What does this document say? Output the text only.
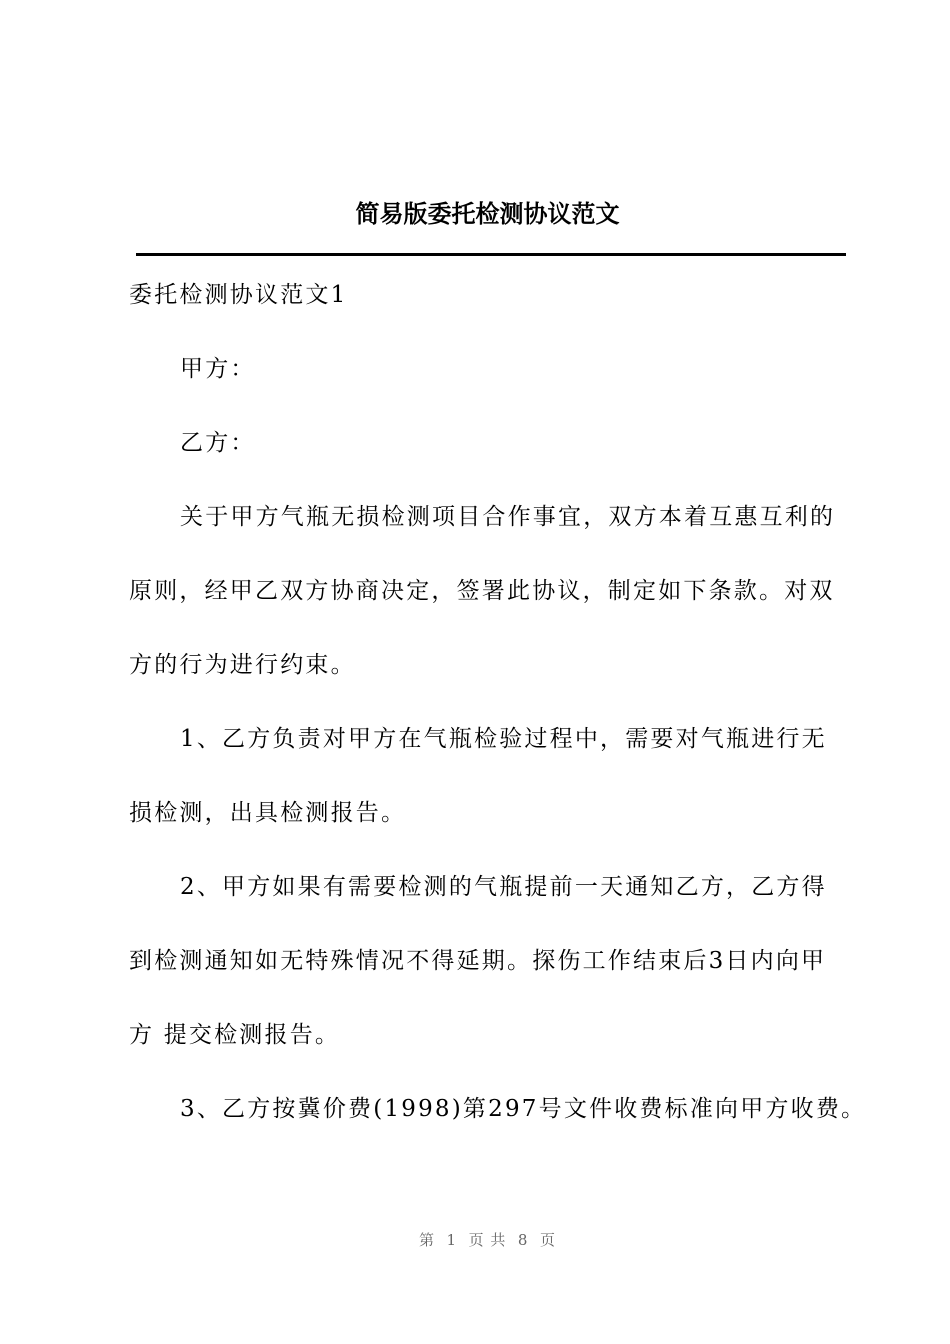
简易版委托检测协议范文
委托检测协议范文1
甲方：
乙方：
关于甲方气瓶无损检测项目合作事宜，双方本着互惠互利的
原则，经甲乙双方协商决定，签署此协议，制定如下条款。对双
方的行为进行约束。
1、乙方负责对甲方在气瓶检验过程中，需要对气瓶进行无
损检测，出具检测报告。
2、甲方如果有需要检测的气瓶提前一天通知乙方，乙方得
到检测通知如无特殊情况不得延期。探伤工作结束后3日内向甲
方 提交检测报告。
3、乙方按冀价费(1998)第297号文件收费标准向甲方收费。
第  1  页 共  8  页
